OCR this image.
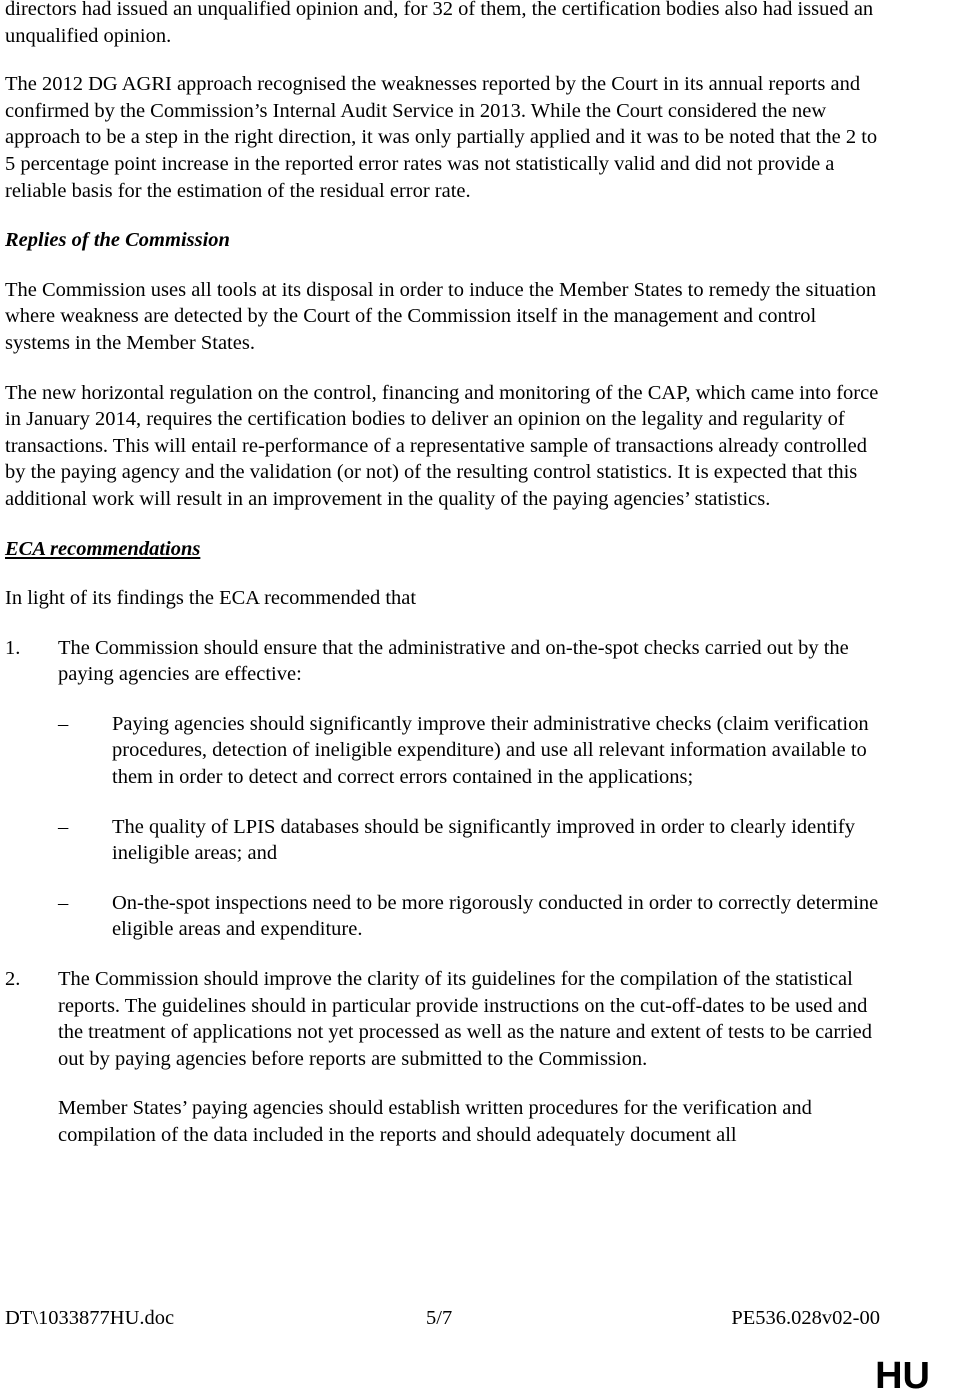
directors had issued an unqualified opinion and, for 32 of them, the certification bodies also had issued an unqualified opinion.

The 2012 DG AGRI approach recognised the weaknesses reported by the Court in its annual reports and confirmed by the Commission’s Internal Audit Service in 2013. While the Court considered the new approach to be a step in the right direction, it was only partially applied and it was to be noted that the 2 to 5 percentage point increase in the reported error rates was not statistically valid and did not provide a reliable basis for the estimation of the residual error rate.

Replies of the Commission

The Commission uses all tools at its disposal in order to induce the Member States to remedy the situation where weakness are detected by the Court of the Commission itself in the management and control systems in the Member States.

The new horizontal regulation on the control, financing and monitoring of the CAP, which came into force in January 2014, requires the certification bodies to deliver an opinion on the legality and regularity of transactions. This will entail re-performance of a representative sample of transactions already controlled by the paying agency and the validation (or not) of the resulting control statistics. It is expected that this additional work will result in an improvement in the quality of the paying agencies’ statistics.

ECA recommendations

In light of its findings the ECA recommended that

1. The Commission should ensure that the administrative and on-the-spot checks carried out by the paying agencies are effective:

– Paying agencies should significantly improve their administrative checks (claim verification procedures, detection of ineligible expenditure) and use all relevant information available to them in order to detect and correct errors contained in the applications;
– The quality of LPIS databases should be significantly improved in order to clearly identify ineligible areas; and
– On-the-spot inspections need to be more rigorously conducted in order to correctly determine eligible areas and expenditure.
2. The Commission should improve the clarity of its guidelines for the compilation of the statistical reports. The guidelines should in particular provide instructions on the cut-off-dates to be used and the treatment of applications not yet processed as well as the nature and extent of tests to be carried out by paying agencies before reports are submitted to the Commission.

Member States’ paying agencies should establish written procedures for the verification and compilation of the data included in the reports and should adequately document all

DT\1033877HU.doc	5/7	PE536.028v02-00
HU
